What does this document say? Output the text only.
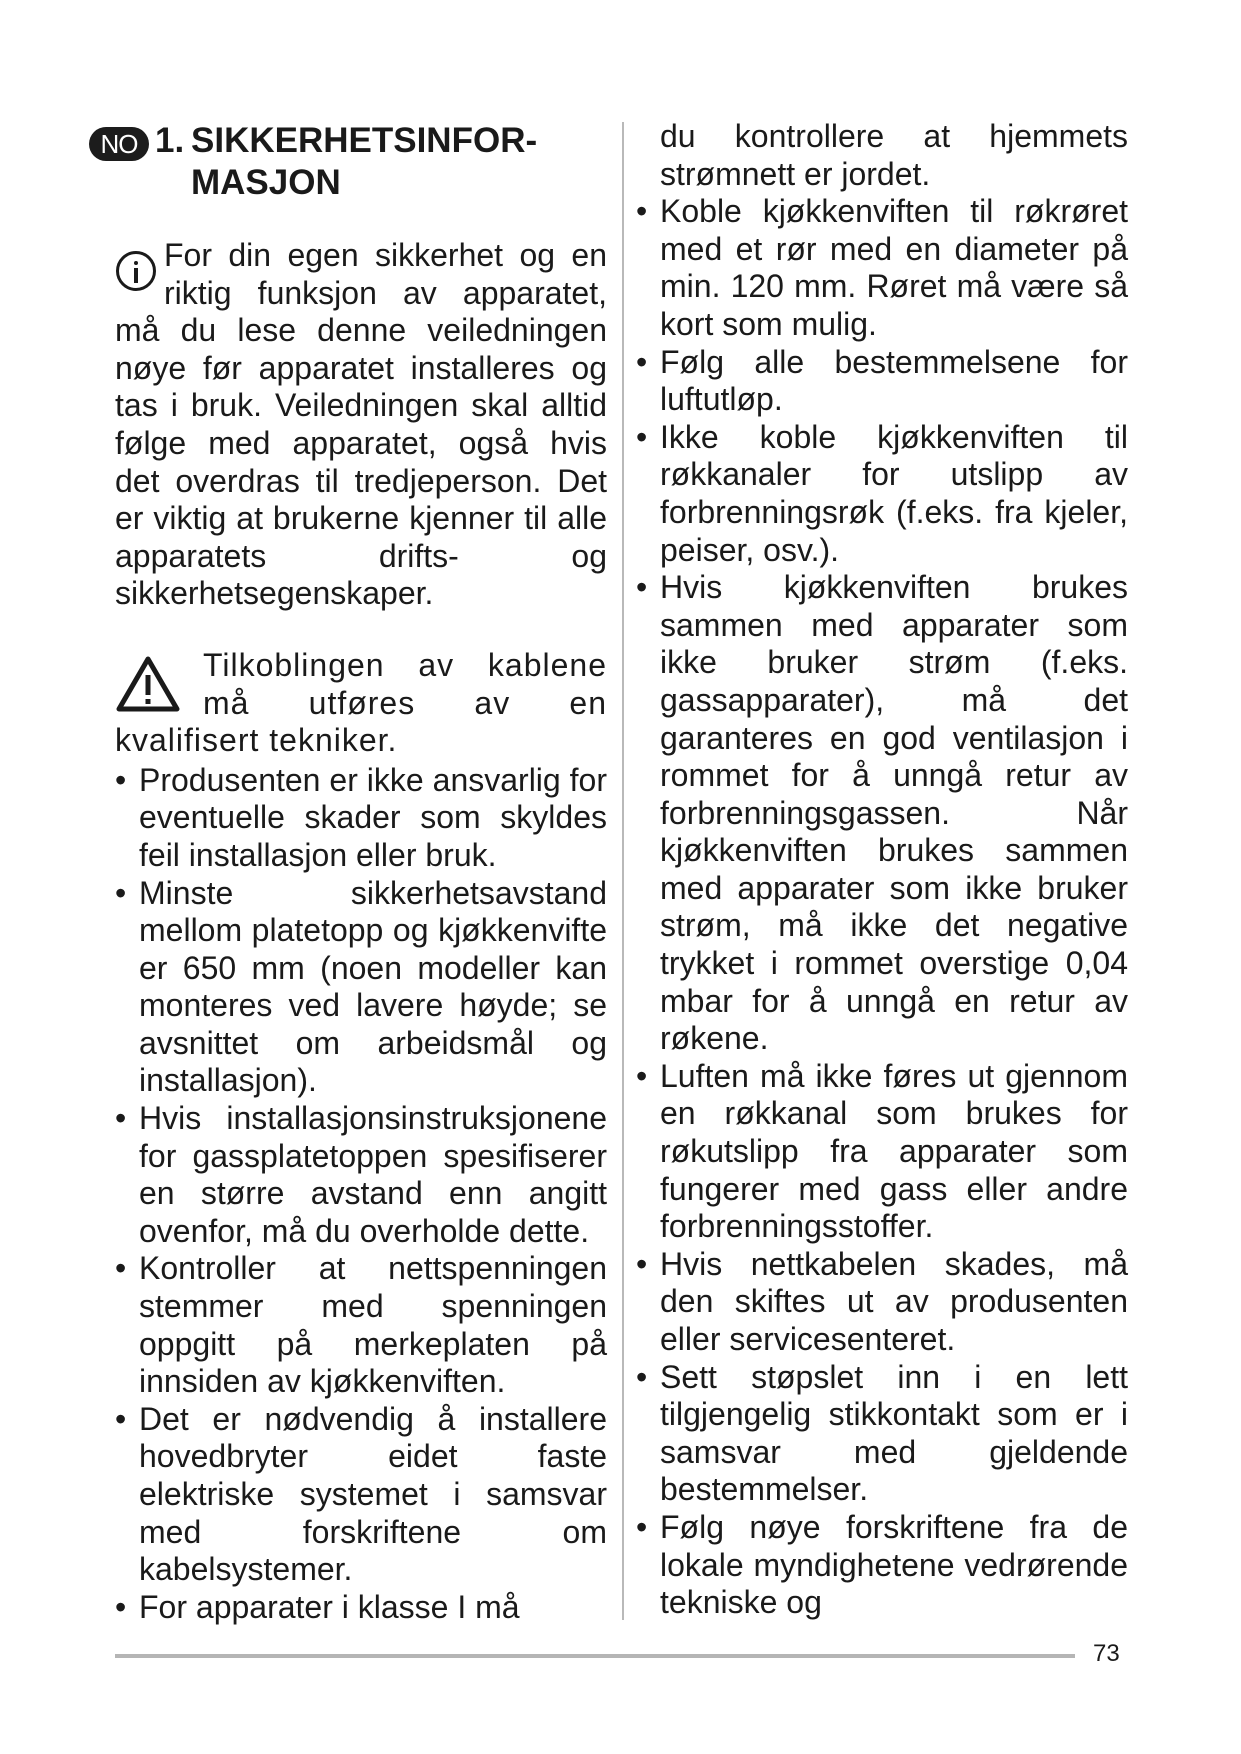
NO 1. SIKKERHETSINFOR-
MASJON

For din egen sikkerhet og en riktig funksjon av apparatet, må du lese denne veiledningen nøye før apparatet installeres og tas i bruk. Veiledningen skal alltid følge med apparatet, også hvis det overdras til tredjeperson. Det er viktig at brukerne kjenner til alle apparatets drifts- og sikkerhetsegenskaper.

Tilkoblingen av kablene må utføres av en kvalifisert tekniker.

• Produsenten er ikke ansvarlig for eventuelle skader som skyldes feil installasjon eller bruk.
• Minste sikkerhetsavstand mellom platetopp og kjøkkenvifte er 650 mm (noen modeller kan monteres ved lavere høyde; se avsnittet om arbeidsmål og installasjon).
• Hvis installasjonsinstruksjonene for gassplatetoppen spesifiserer en større avstand enn angitt ovenfor, må du overholde dette.
• Kontroller at nettspenningen stemmer med spenningen oppgitt på merkeplaten på innsiden av kjøkkenviften.
• Det er nødvendig å installere hovedbryter eidet faste elektriske systemet i samsvar med forskriftene om kabelsystemer.
• For apparater i klasse I må

du kontrollere at hjemmets strømnett er jordet.

• Koble kjøkkenviften til røkrøret med et rør med en diameter på min. 120 mm. Røret må være så kort som mulig.
• Følg alle bestemmelsene for luftutløp.
• Ikke koble kjøkkenviften til røkkanaler for utslipp av forbrenningsrøk (f.eks. fra kjeler, peiser, osv.).
• Hvis kjøkkenviften brukes sammen med apparater som ikke bruker strøm (f.eks. gassapparater), må det garanteres en god ventilasjon i rommet for å unngå retur av forbrenningsgassen. Når kjøkkenviften brukes sammen med apparater som ikke bruker strøm, må ikke det negative trykket i rommet overstige 0,04 mbar for å unngå en retur av røkene.
• Luften må ikke føres ut gjennom en røkkanal som brukes for røkutslipp fra apparater som fungerer med gass eller andre forbrenningsstoffer.
• Hvis nettkabelen skades, må den skiftes ut av produsenten eller servicesenteret.
• Sett støpslet inn i en lett tilgjengelig stikkontakt som er i samsvar med gjeldende bestemmelser.
• Følg nøye forskriftene fra de lokale myndighetene vedrørende tekniske og
73
